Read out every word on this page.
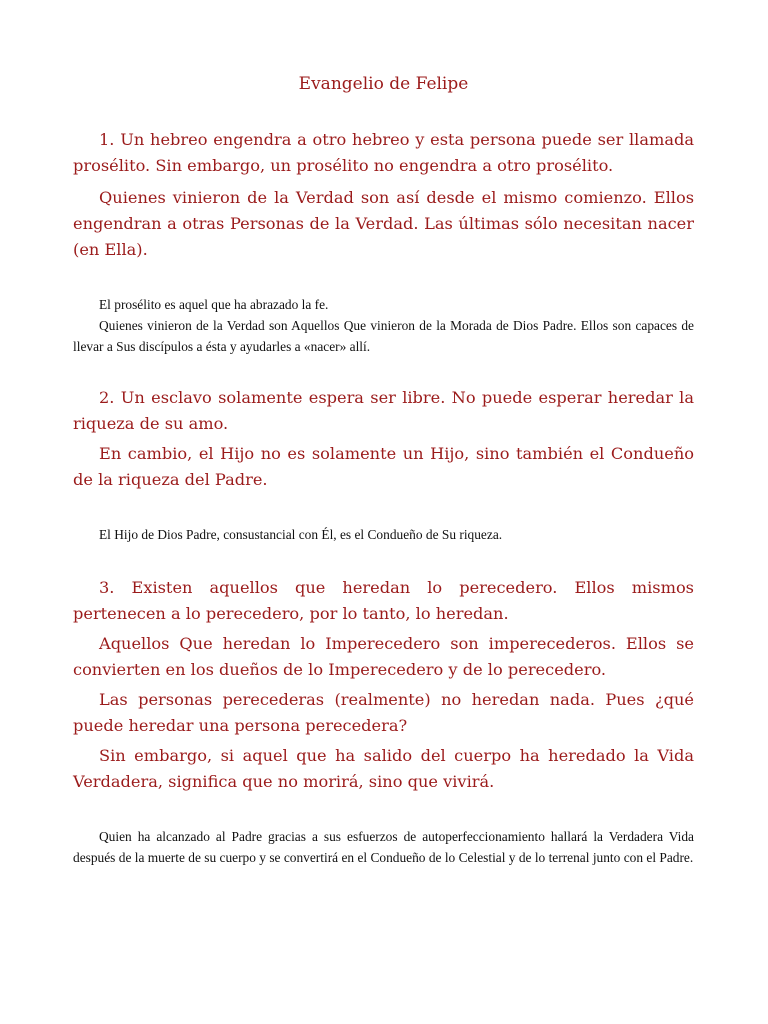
Evangelio de Felipe

1. Un hebreo engendra a otro hebreo y esta persona puede ser llamada prosélito. Sin embargo, un prosélito no engendra a otro prosélito.

Quienes vinieron de la Verdad son así desde el mismo comienzo. Ellos engendran a otras Personas de la Verdad. Las últimas sólo necesitan nacer (en Ella).

El prosélito es aquel que ha abrazado la fe.

Quienes vinieron de la Verdad son Aquellos Que vinieron de la Morada de Dios Padre. Ellos son capaces de llevar a Sus discípulos a ésta y ayudarles a «nacer» allí.

2. Un esclavo solamente espera ser libre. No puede esperar heredar la riqueza de su amo.

En cambio, el Hijo no es solamente un Hijo, sino también el Condueño de la riqueza del Padre.

El Hijo de Dios Padre, consustancial con Él, es el Condueño de Su riqueza.

3. Existen aquellos que heredan lo perecedero. Ellos mismos pertenecen a lo perecedero, por lo tanto, lo heredan.

Aquellos Que heredan lo Imperecedero son imperecederos. Ellos se convierten en los dueños de lo Imperecedero y de lo perecedero.

Las personas perecederas (realmente) no heredan nada. Pues ¿qué puede heredar una persona perecedera?

Sin embargo, si aquel que ha salido del cuerpo ha heredado la Vida Verdadera, significa que no morirá, sino que vivirá.

Quien ha alcanzado al Padre gracias a sus esfuerzos de autoperfeccionamiento hallará la Verdadera Vida después de la muerte de su cuerpo y se convertirá en el Condueño de lo Celestial y de lo terrenal junto con el Padre.
